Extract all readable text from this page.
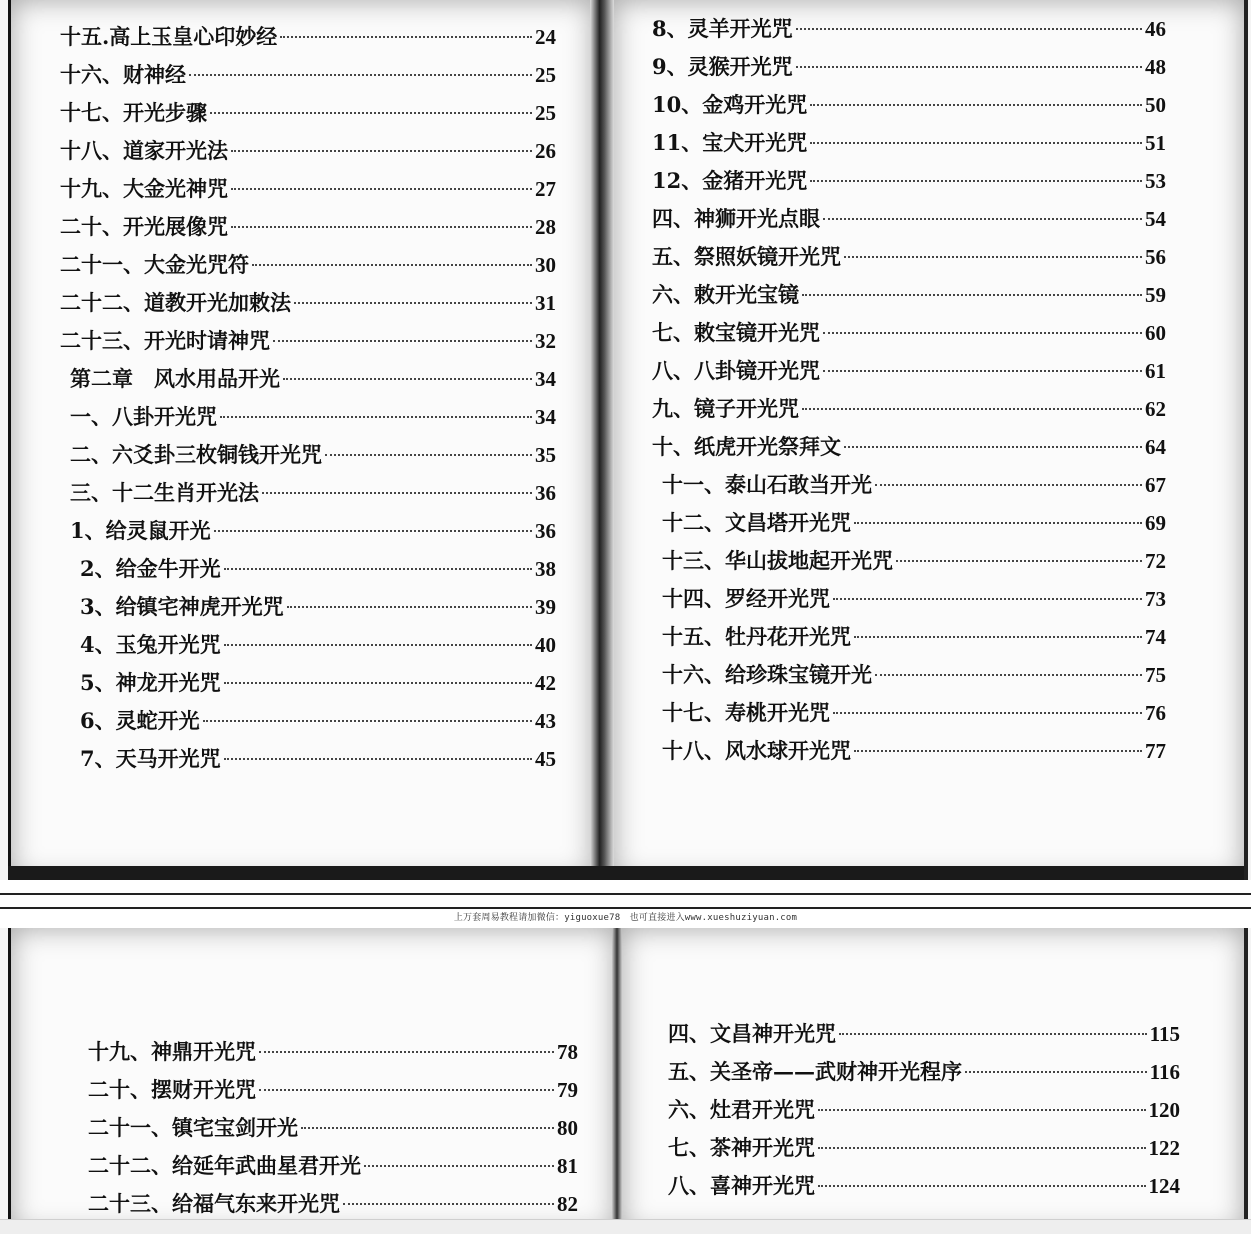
十五.高上玉皇心印妙经	24
十六、财神经	25
十七、开光步骤	25
十八、道家开光法	26
十九、大金光神咒	27
二十、开光展像咒	28
二十一、大金光咒符	30
二十二、道教开光加敕法	31
二十三、开光时请神咒	32
第二章　风水用品开光	34
一、八卦开光咒	34
二、六爻卦三枚铜钱开光咒	35
三、十二生肖开光法	36
1、给灵鼠开光	36
2、给金牛开光	38
3、给镇宅神虎开光咒	39
4、玉兔开光咒	40
5、神龙开光咒	42
6、灵蛇开光	43
7、天马开光咒	45
8、灵羊开光咒	46
9、灵猴开光咒	48
10、金鸡开光咒	50
11、宝犬开光咒	51
12、金猪开光咒	53
四、神狮开光点眼	54
五、祭照妖镜开光咒	56
六、敕开光宝镜	59
七、敕宝镜开光咒	60
八、八卦镜开光咒	61
九、镜子开光咒	62
十、纸虎开光祭拜文	64
十一、泰山石敢当开光	67
十二、文昌塔开光咒	69
十三、华山拔地起开光咒	72
十四、罗经开光咒	73
十五、牡丹花开光咒	74
十六、给珍珠宝镜开光	75
十七、寿桃开光咒	76
十八、风水球开光咒	77
上万套周易教程请加微信：yiguoxue78　也可直接进入www.xueshuziyuan.com
十九、神鼎开光咒	78
二十、摆财开光咒	79
二十一、镇宅宝剑开光	80
二十二、给延年武曲星君开光	81
二十三、给福气东来开光咒	82
四、文昌神开光咒	115
五、关圣帝——武财神开光程序	116
六、灶君开光咒	120
七、茶神开光咒	122
八、喜神开光咒	124
